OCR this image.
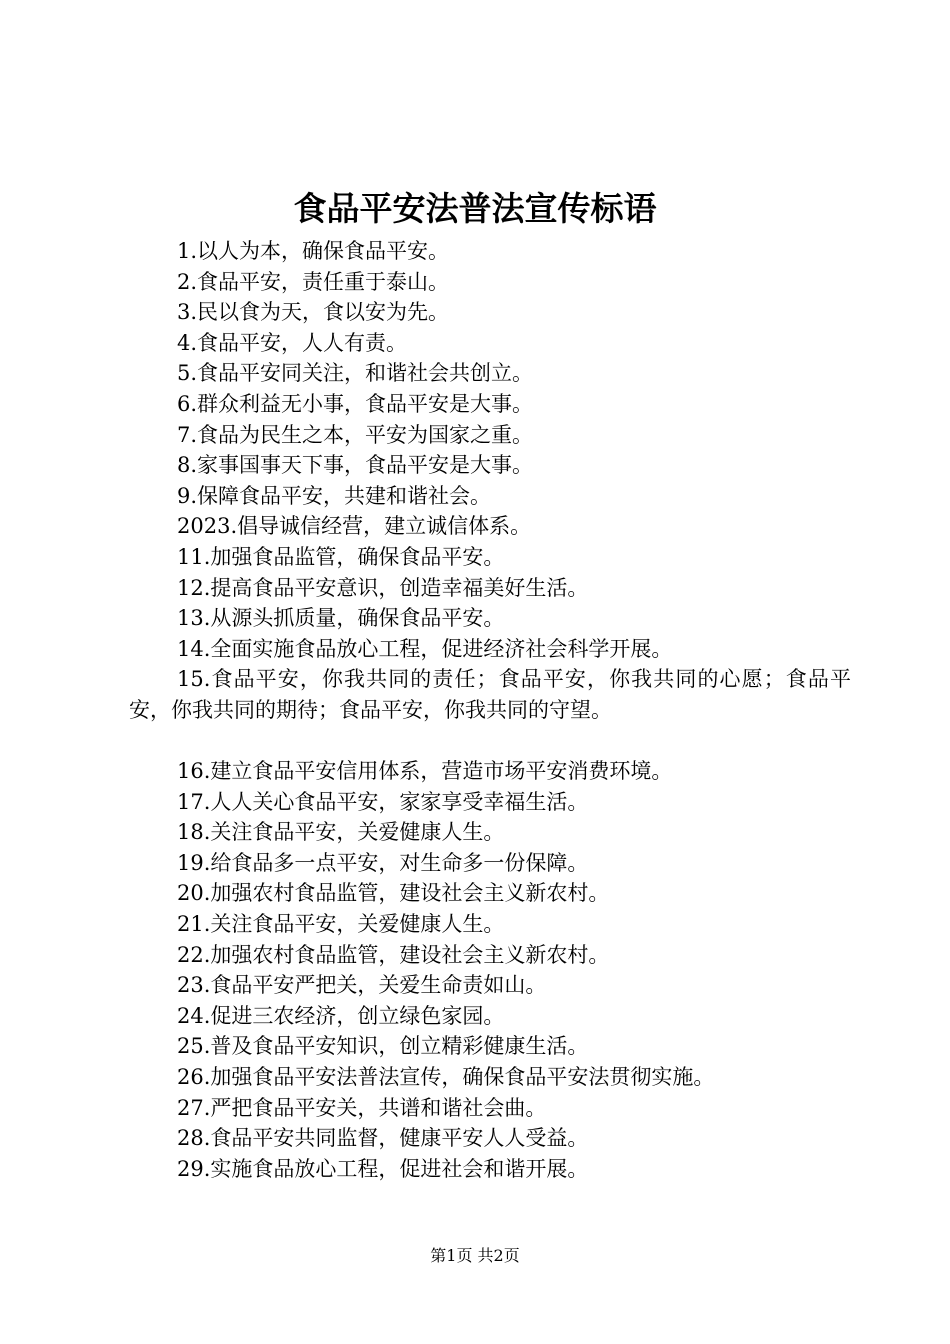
食品平安法普法宣传标语

1.以人为本，确保食品平安。

2.食品平安，责任重于泰山。

3.民以食为天，食以安为先。

4.食品平安，人人有责。

5.食品平安同关注，和谐社会共创立。

6.群众利益无小事，食品平安是大事。

7.食品为民生之本，平安为国家之重。

8.家事国事天下事，食品平安是大事。

9.保障食品平安，共建和谐社会。

2023.倡导诚信经营，建立诚信体系。

11.加强食品监管，确保食品平安。

12.提高食品平安意识，创造幸福美好生活。

13.从源头抓质量，确保食品平安。

14.全面实施食品放心工程，促进经济社会科学开展。

15.食品平安，你我共同的责任；食品平安，你我共同的心愿；食品平安，你我共同的期待；食品平安，你我共同的守望。

16.建立食品平安信用体系，营造市场平安消费环境。

17.人人关心食品平安，家家享受幸福生活。

18.关注食品平安，关爱健康人生。

19.给食品多一点平安，对生命多一份保障。

20.加强农村食品监管，建设社会主义新农村。

21.关注食品平安，关爱健康人生。

22.加强农村食品监管，建设社会主义新农村。

23.食品平安严把关，关爱生命责如山。

24.促进三农经济，创立绿色家园。

25.普及食品平安知识，创立精彩健康生活。

26.加强食品平安法普法宣传，确保食品平安法贯彻实施。

27.严把食品平安关，共谱和谐社会曲。

28.食品平安共同监督，健康平安人人受益。

29.实施食品放心工程，促进社会和谐开展。

第1页 共2页
